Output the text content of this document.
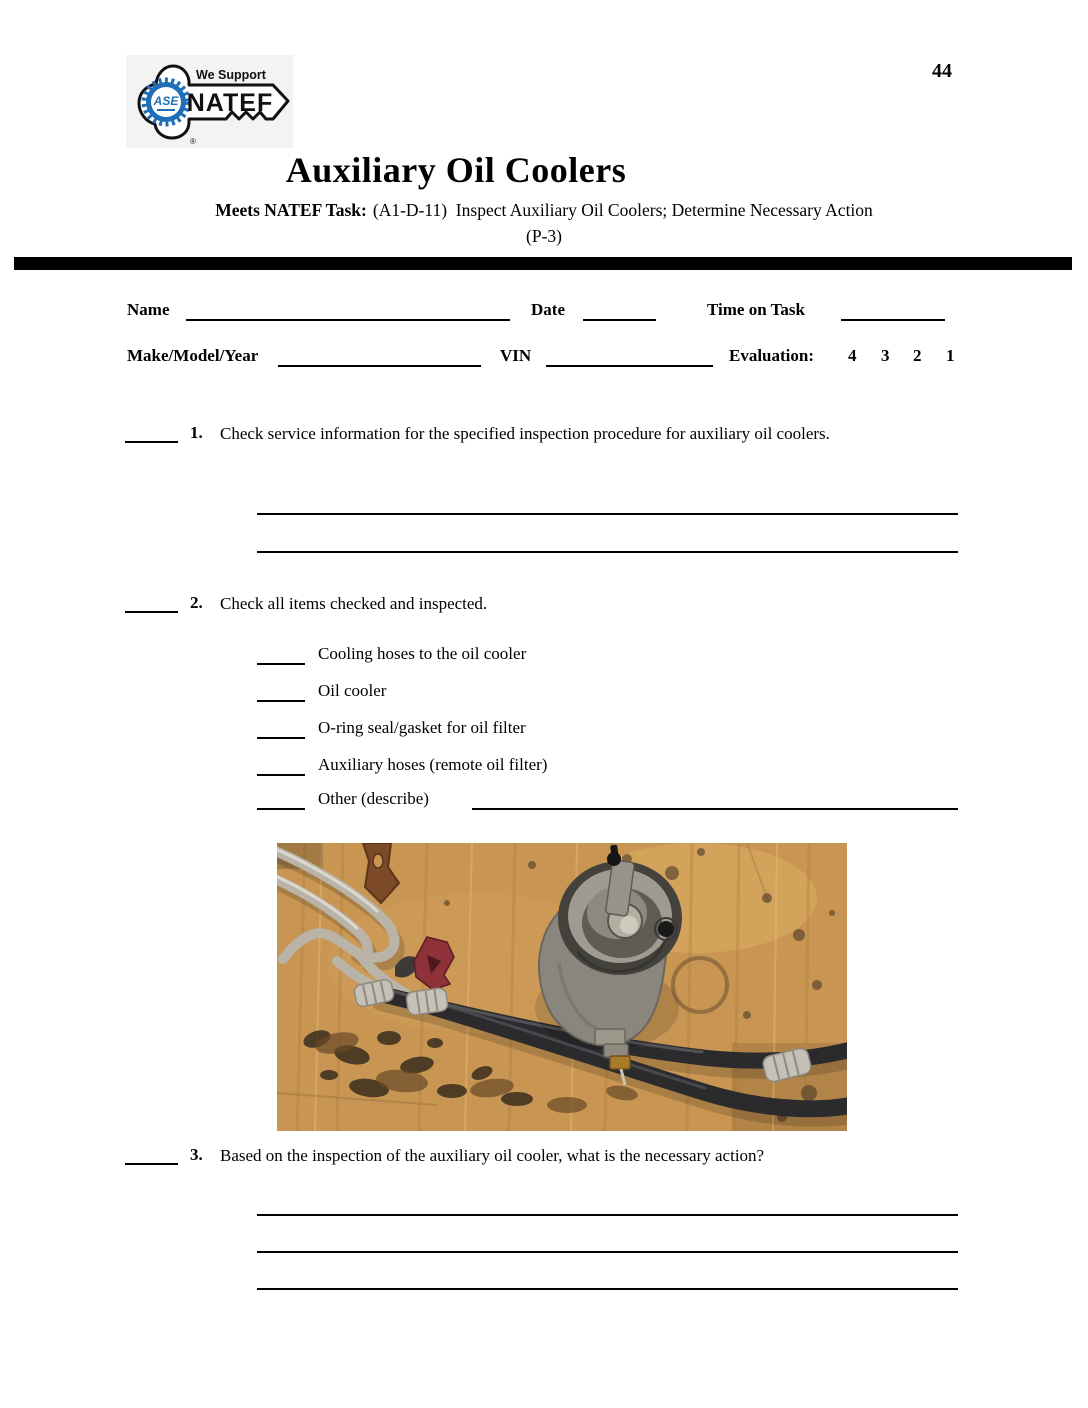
44
ASE
We Support
NATEF
®
Auxiliary Oil Coolers
Meets NATEF Task: (A1-D-11)  Inspect Auxiliary Oil Coolers; Determine Necessary Action
(P-3)
Name	Date	Time on Task
Make/Model/Year	VIN	Evaluation: 4 3 2 1
1. Check service information for the specified inspection procedure for auxiliary oil coolers.
2. Check all items checked and inspected.
Cooling hoses to the oil cooler
Oil cooler
O-ring seal/gasket for oil filter
Auxiliary hoses (remote oil filter)
Other (describe)
3. Based on the inspection of the auxiliary oil cooler, what is the necessary action?
